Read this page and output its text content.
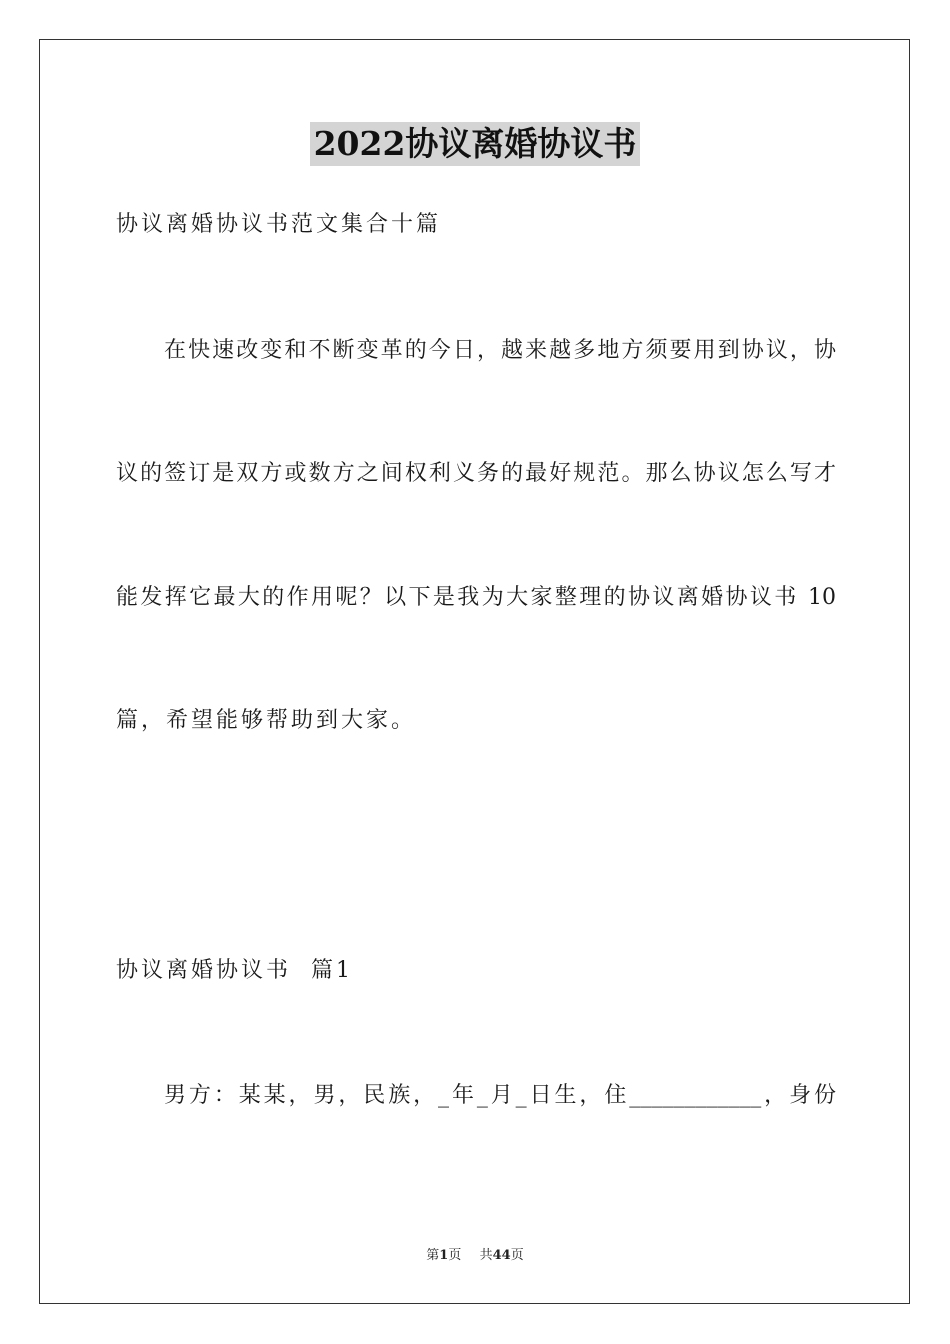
2022协议离婚协议书
协议离婚协议书范文集合十篇
在快速改变和不断变革的今日，越来越多地方须要用到协议，协
议的签订是双方或数方之间权利义务的最好规范。那么协议怎么写才
能发挥它最大的作用呢？以下是我为大家整理的协议离婚协议书 10
篇，希望能够帮助到大家。
协议离婚协议书  篇1
男方：某某，男，民族，_年_月_日生，住____________，身份
第1页 共44页
